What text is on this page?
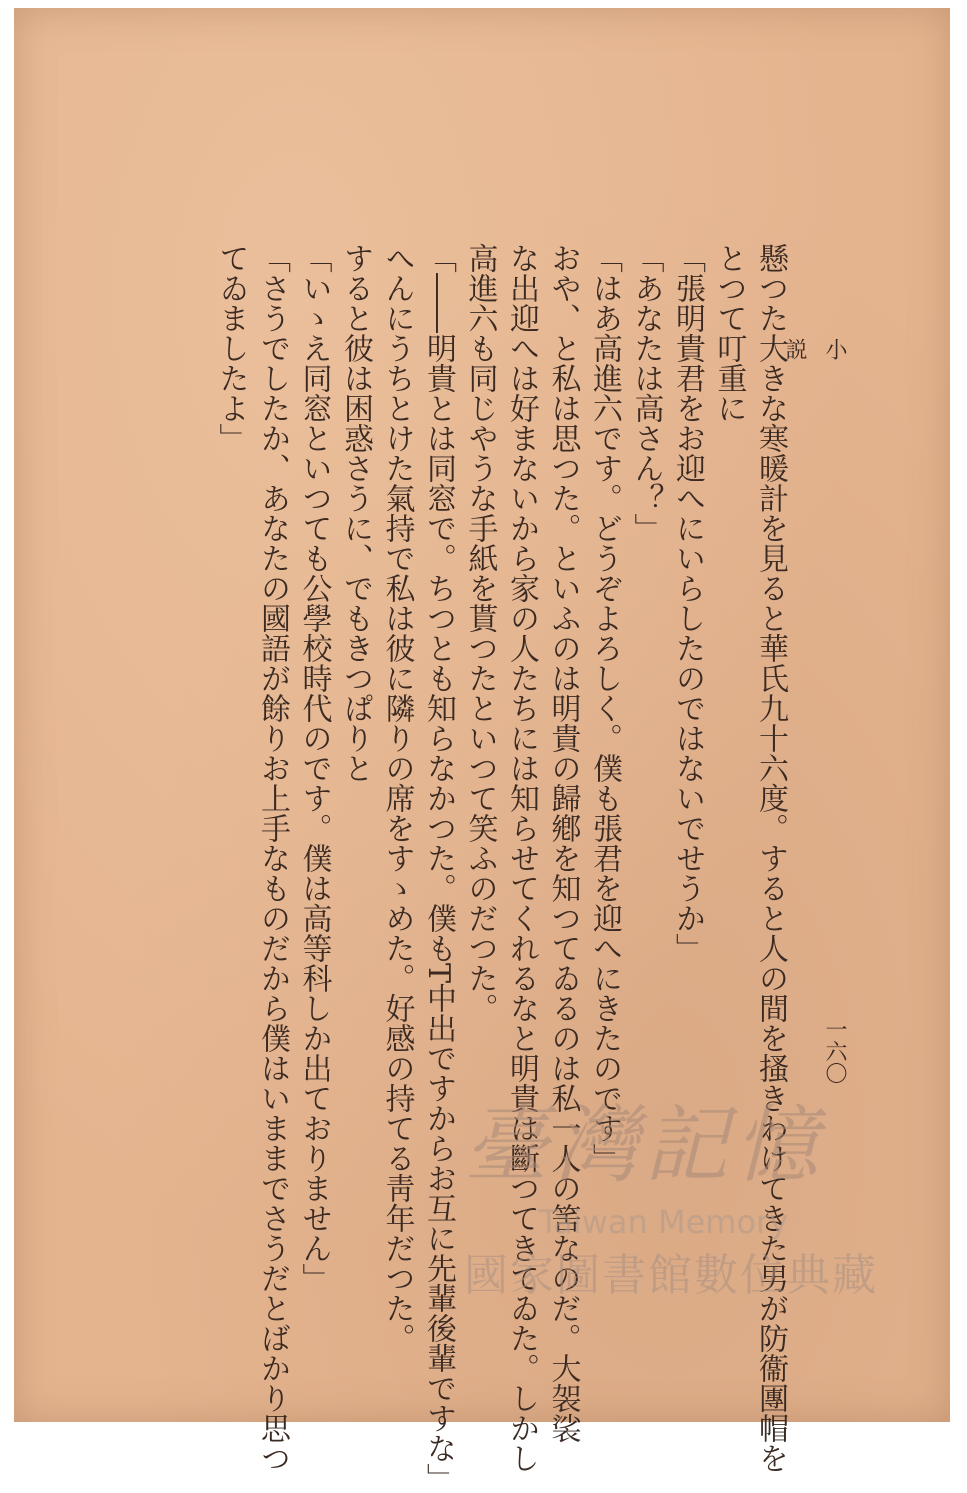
小 説
一六〇
懸つた大きな寒暖計を見ると華氏九十六度。すると人の間を搔きわけてきた男が防衞團帽を
とつて叮重に
「張明貴君をお迎へにいらしたのではないでせうか」
「あなたは高さん？」
「はあ高進六です。どうぞよろしく。僕も張君を迎へにきたのです」
おや、と私は思つた。といふのは明貴の歸鄕を知つてゐるのは私一人の筈なのだ。大袈裟
な出迎へは好まないから家の人たちには知らせてくれるなと明貴は斷つてきてゐた。しかし
高進六も同じやうな手紙を貰つたといつて笑ふのだつた。
「――明貴とは同窓で。ちつとも知らなかつた。僕もT中出ですからお互に先輩後輩ですな」
へんにうちとけた氣持で私は彼に隣りの席をすゝめた。好感の持てる靑年だつた。
すると彼は困惑さうに、でもきつぱりと
「いゝえ同窓といつても公學校時代のです。僕は高等科しか出ておりません」
「さうでしたか、あなたの國語が餘りお上手なものだから僕はいままでさうだとばかり思つ
てゐましたよ」
臺灣記憶
Taiwan Memory
國家圖書館數位典藏
